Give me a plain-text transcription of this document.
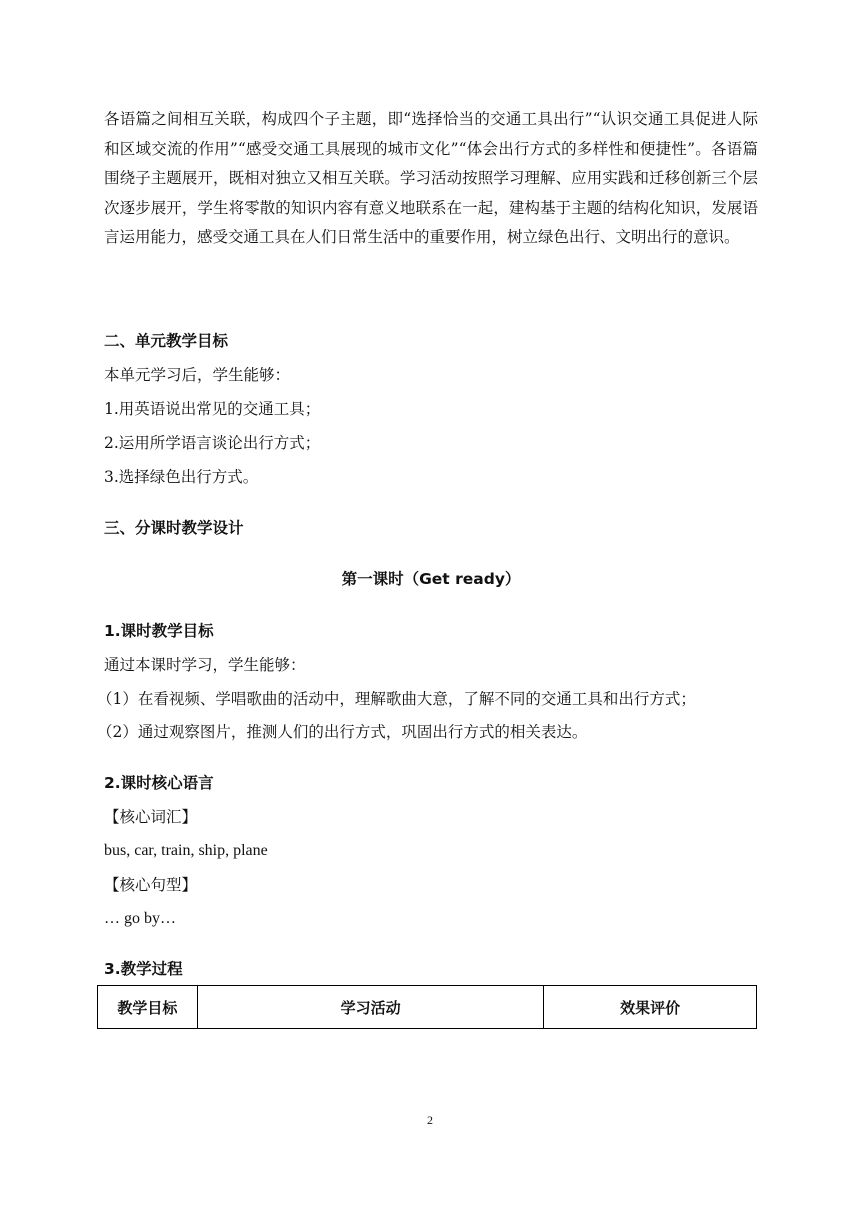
各语篇之间相互关联，构成四个子主题，即“选择恰当的交通工具出行”“认识交通工具促进人际和区域交流的作用”“感受交通工具展现的城市文化”“体会出行方式的多样性和便捷性”。各语篇围绕子主题展开，既相对独立又相互关联。学习活动按照学习理解、应用实践和迁移创新三个层次逐步展开，学生将零散的知识内容有意义地联系在一起，建构基于主题的结构化知识，发展语言运用能力，感受交通工具在人们日常生活中的重要作用，树立绿色出行、文明出行的意识。

二、单元教学目标

本单元学习后，学生能够：

1.用英语说出常见的交通工具；

2.运用所学语言谈论出行方式；

3.选择绿色出行方式。

三、分课时教学设计

第一课时（Get ready）

1.课时教学目标

通过本课时学习，学生能够：

（1）在看视频、学唱歌曲的活动中，理解歌曲大意，了解不同的交通工具和出行方式；

（2）通过观察图片，推测人们的出行方式，巩固出行方式的相关表达。

2.课时核心语言

【核心词汇】

bus, car, train, ship, plane

【核心句型】

… go by…

3.教学过程

教学目标	学习活动	效果评价
2
